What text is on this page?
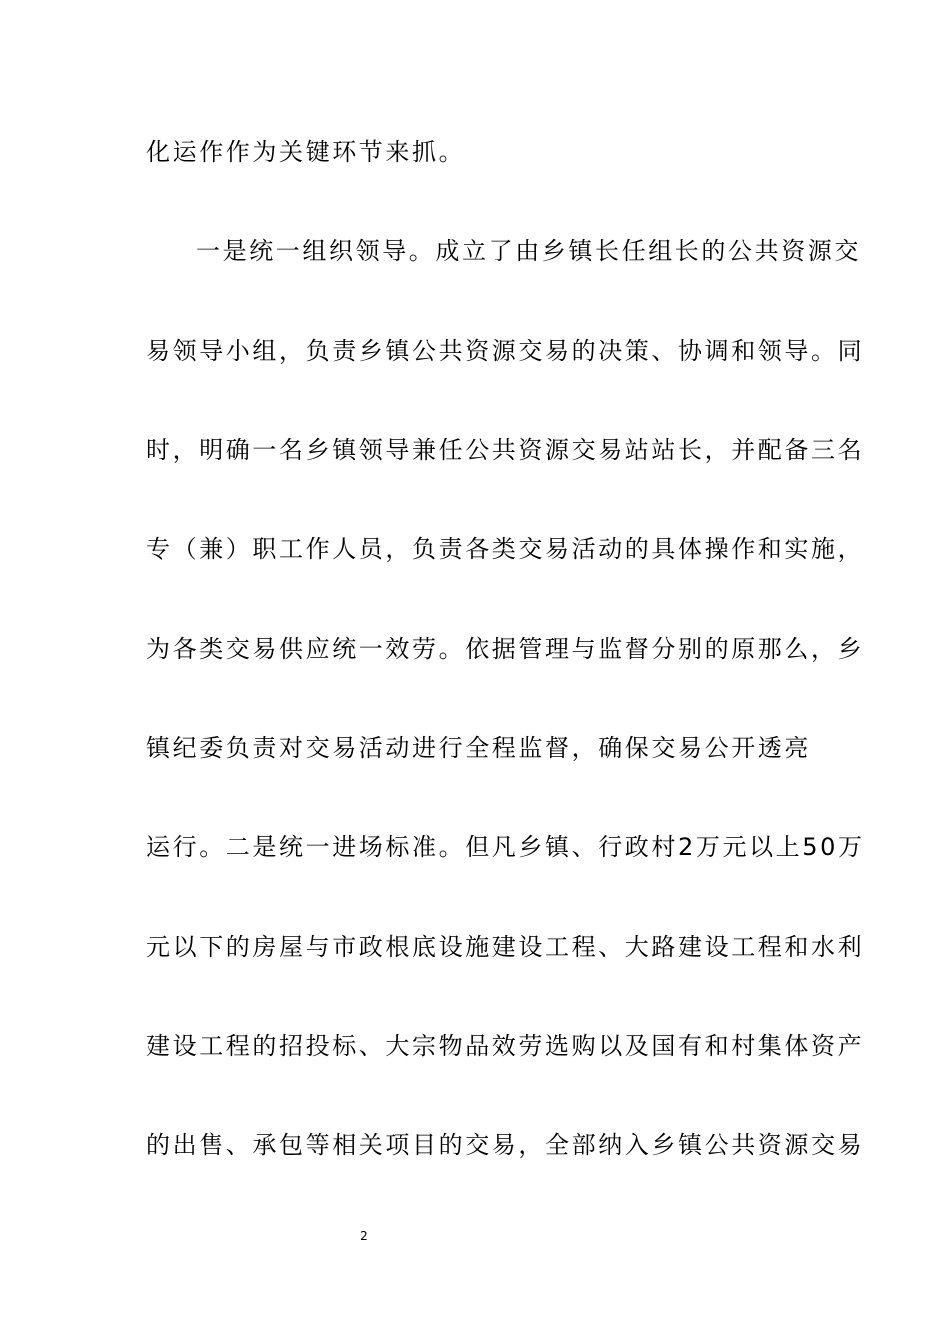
化运作作为关键环节来抓。
一是统一组织领导。成立了由乡镇长任组长的公共资源交
易领导小组，负责乡镇公共资源交易的决策、协调和领导。同
时，明确一名乡镇领导兼任公共资源交易站站长，并配备三名
专（兼）职工作人员，负责各类交易活动的具体操作和实施，
为各类交易供应统一效劳。依据管理与监督分别的原那么，乡
镇纪委负责对交易活动进行全程监督，确保交易公开透亮
运行。二是统一进场标准。但凡乡镇、行政村2万元以上50万
元以下的房屋与市政根底设施建设工程、大路建设工程和水利
建设工程的招投标、大宗物品效劳选购以及国有和村集体资产
的出售、承包等相关项目的交易，全部纳入乡镇公共资源交易
2
